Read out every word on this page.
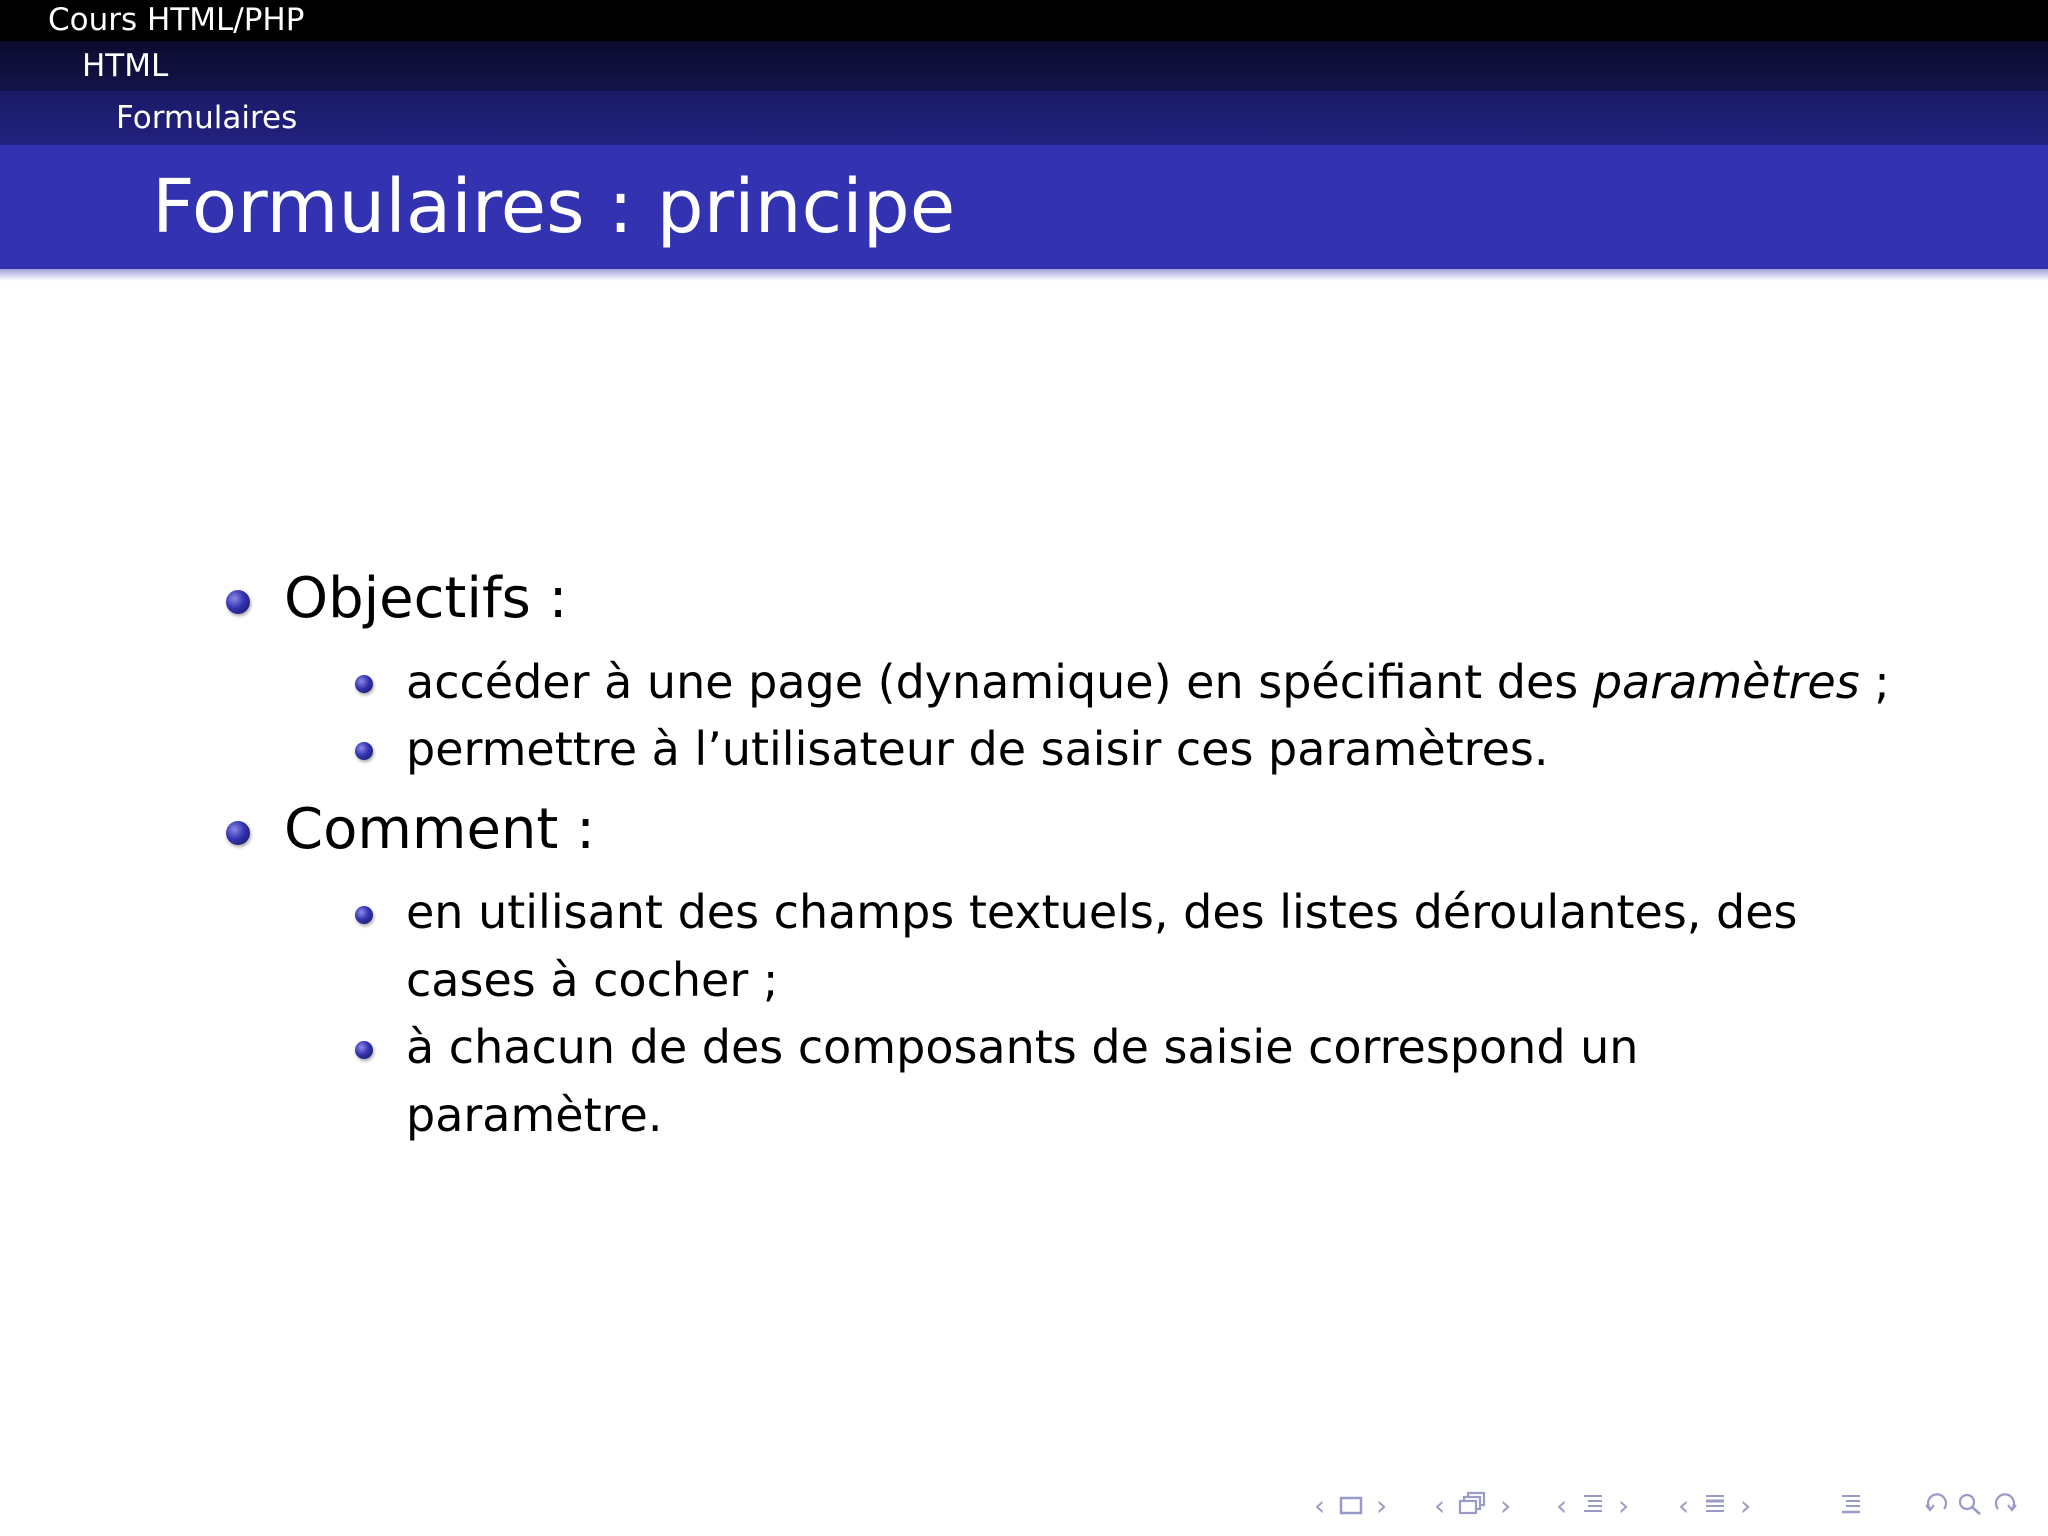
Cours HTML/PHP
HTML
Formulaires
Formulaires : principe
Objectifs :
accéder à une page (dynamique) en spécifiant des paramètres ;
permettre à l’utilisateur de saisir ces paramètres.
Comment :
en utilisant des champs textuels, des listes déroulantes, des
cases à cocher ;
à chacun de des composants de saisie correspond un
paramètre.
‹ › ‹ › ‹ › ‹ ›
